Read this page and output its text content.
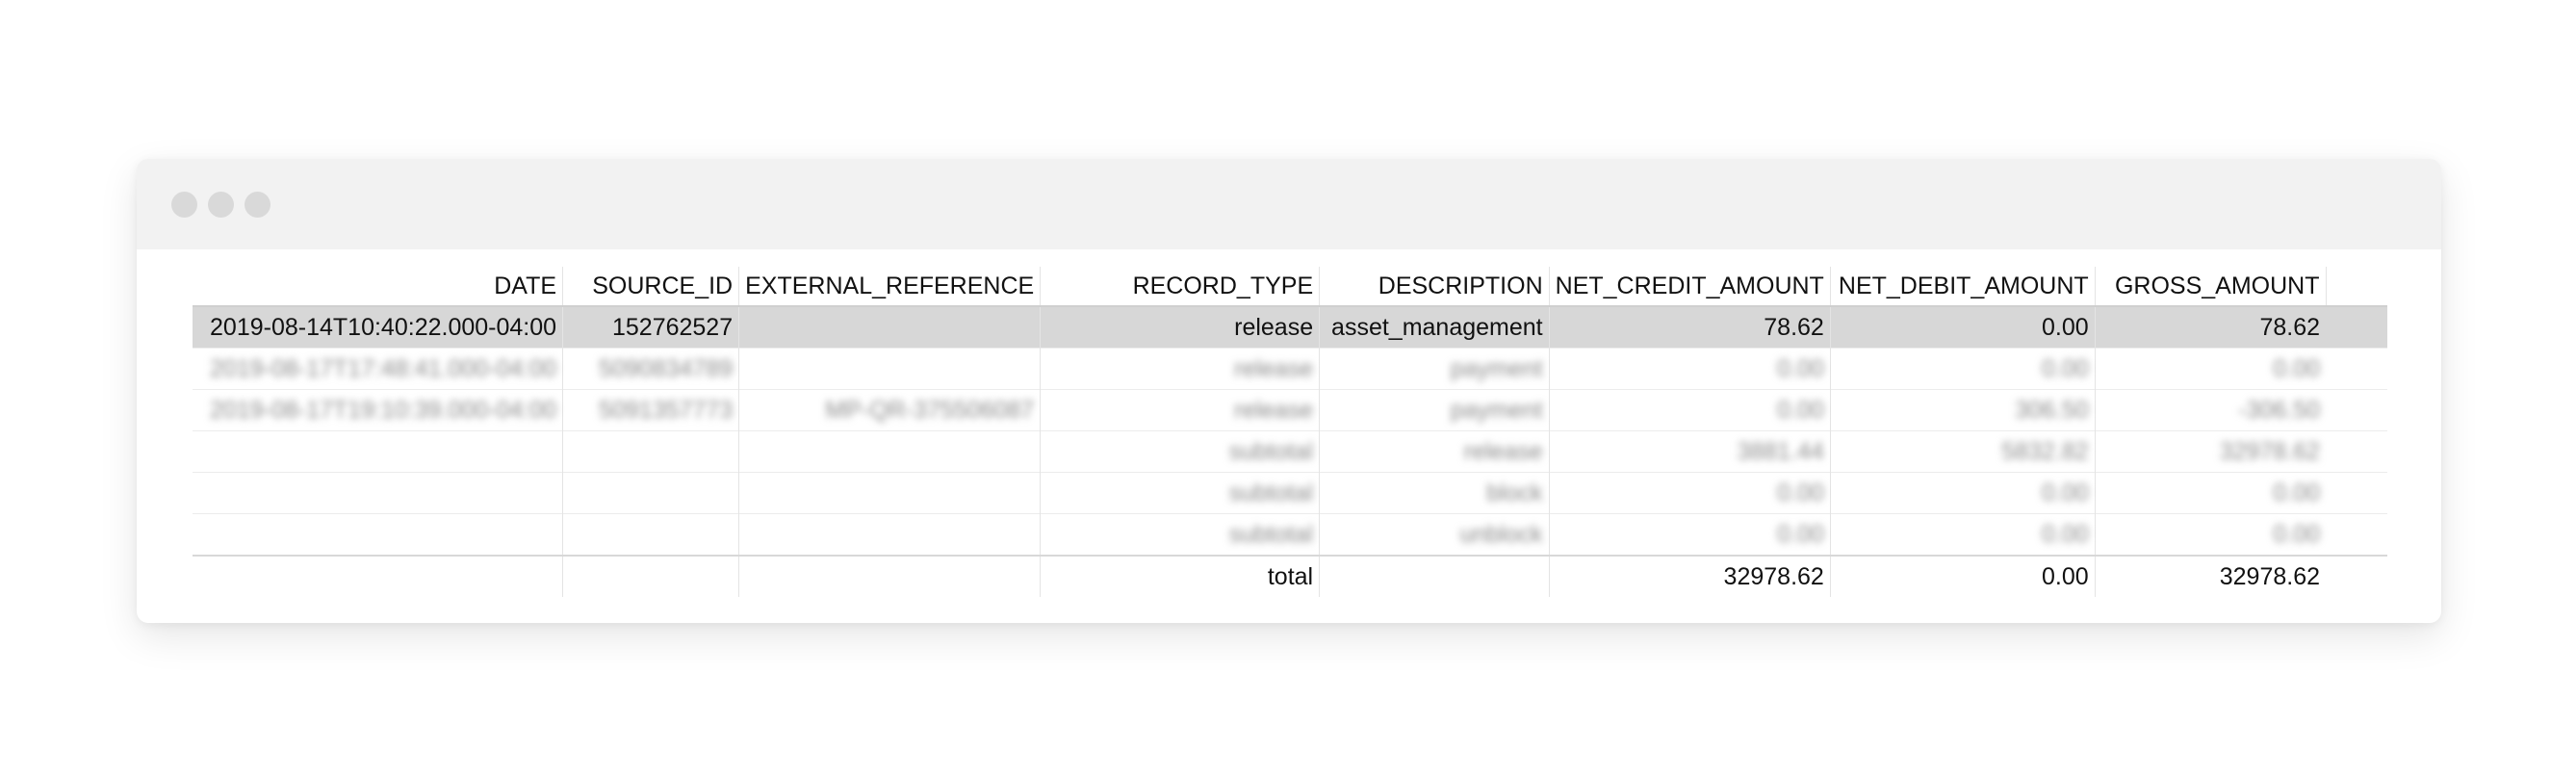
DATE	SOURCE_ID	EXTERNAL_REFERENCE	RECORD_TYPE	DESCRIPTION	NET_CREDIT_AMOUNT	NET_DEBIT_AMOUNT	GROSS_AMOUNT	
2019-08-14T10:40:22.000-04:00	152762527		release	asset_management	78.62	0.00	78.62	
2019-08-17T17:48:41.000-04:00	5090834789		release	payment	0.00	0.00	0.00	
2019-08-17T19:10:39.000-04:00	5091357773	MP-QR-375506087	release	payment	0.00	306.50	-306.50	
			subtotal	release	3881.44	5832.82	32978.62	
			subtotal	block	0.00	0.00	0.00	
			subtotal	unblock	0.00	0.00	0.00	
			total		32978.62	0.00	32978.62	
